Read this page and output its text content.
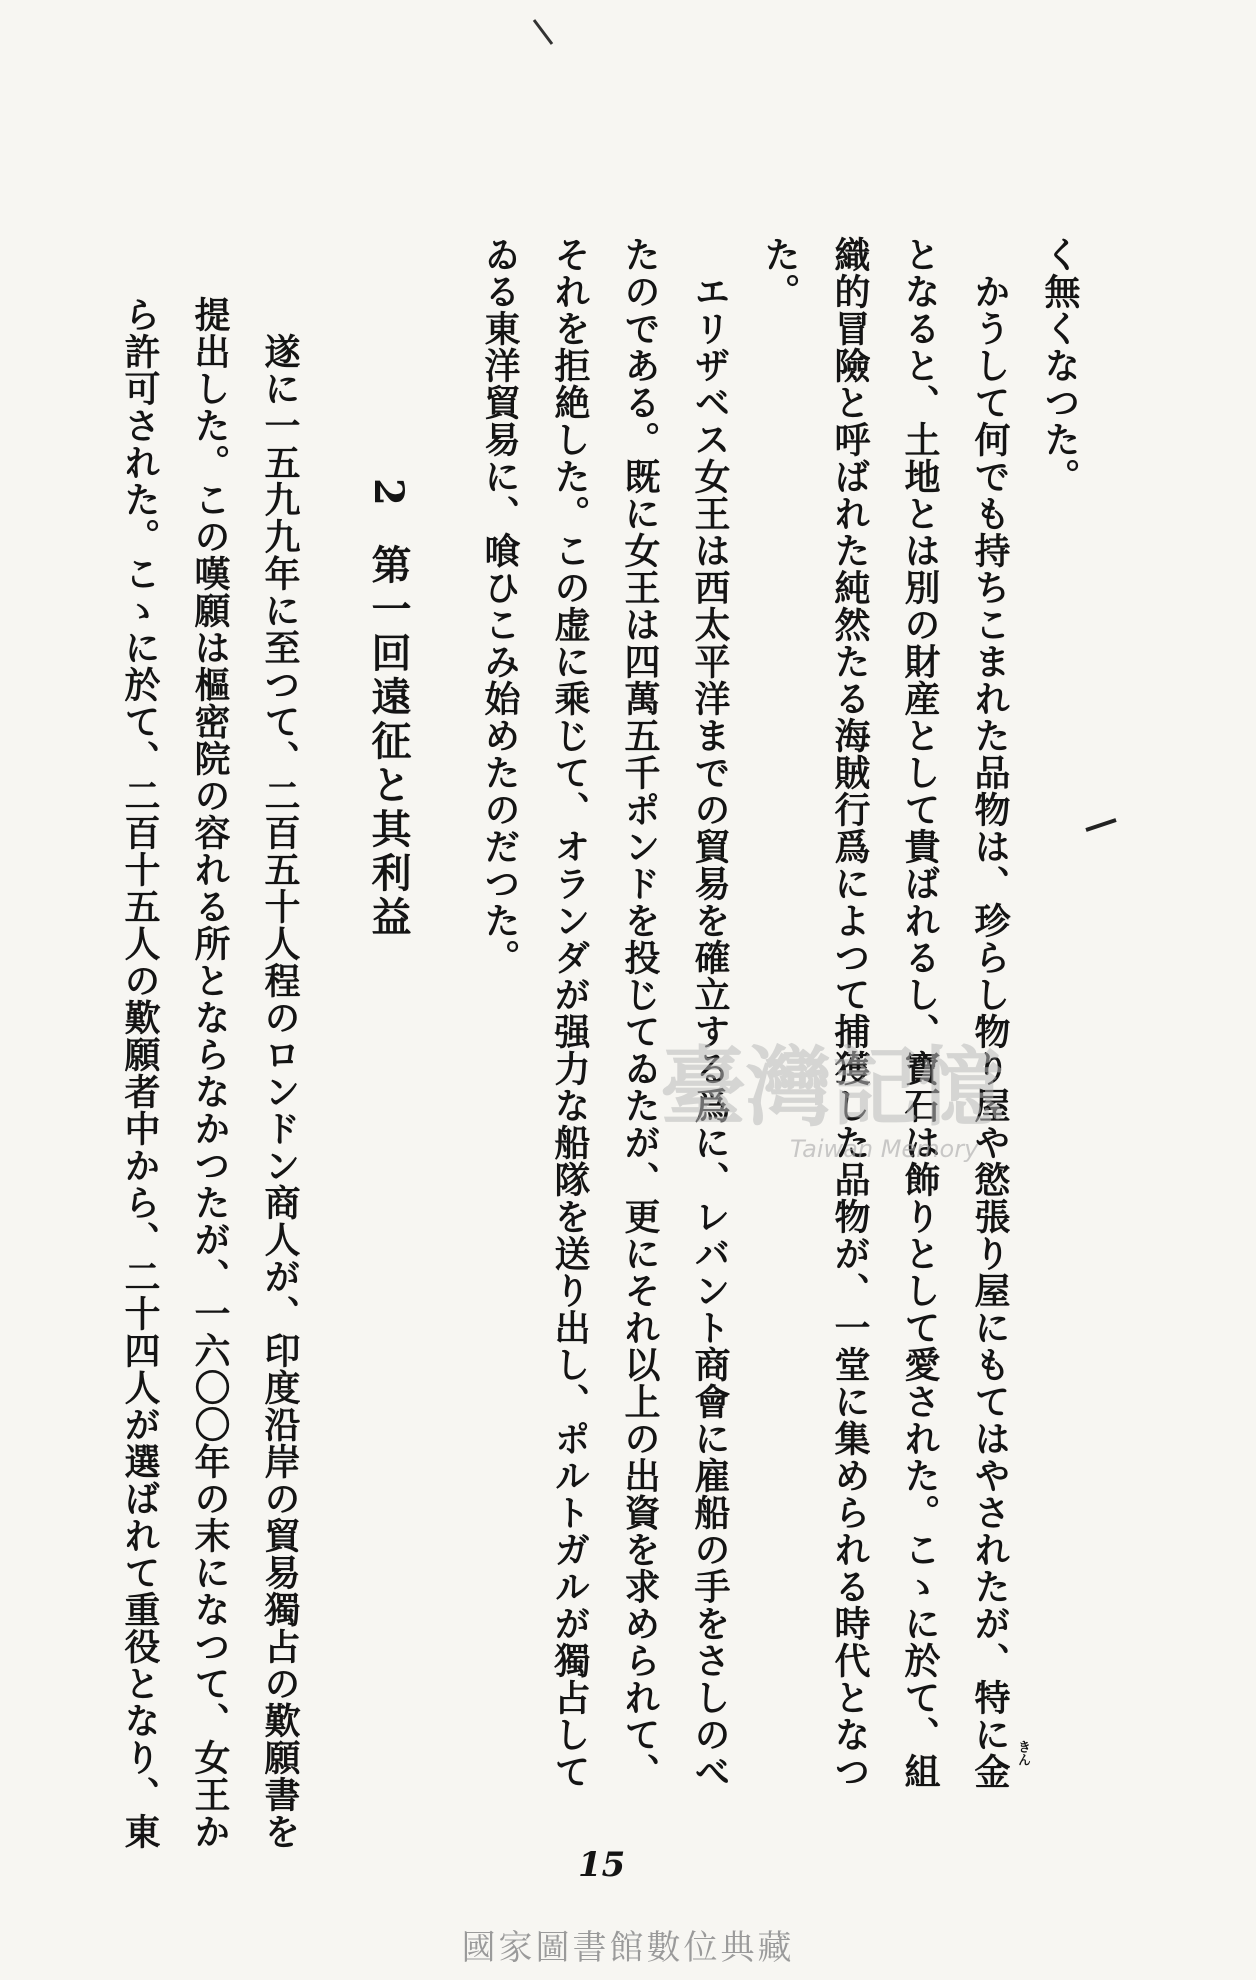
く無くなつた。
　かうして何でも持ちこまれた品物は、珍らし物り屋や慾張り屋にもてはやされたが、特に金
となると、土地とは別の財産として貴ばれるし、寶石は飾りとして愛された。こゝに於て、組
織的冒險と呼ばれた純然たる海賊行爲によつて捕獲した品物が、一堂に集められる時代となつ
た。
　エリザベス女王は西太平洋までの貿易を確立する爲に、レバント商會に雇船の手をさしのべ
たのである。既に女王は四萬五千ポンドを投じてゐたが、更にそれ以上の出資を求められて、
それを拒絶した。この虚に乘じて、オランダが强力な船隊を送り出し、ポルトガルが獨占して
ゐる東洋貿易に、喰ひこみ始めたのだつた。
2第一回遠征と其利益
　遂に一五九九年に至つて、二百五十人程のロンドン商人が、印度沿岸の貿易獨占の歎願書を
提出した。この嘆願は樞密院の容れる所とならなかつたが、一六〇〇年の末になつて、女王か
ら許可された。こゝに於て、二百十五人の歎願者中から、二十四人が選ばれて重役となり、東	きん
臺灣記憶
Taiwan Memory
15
國家圖書館數位典藏
